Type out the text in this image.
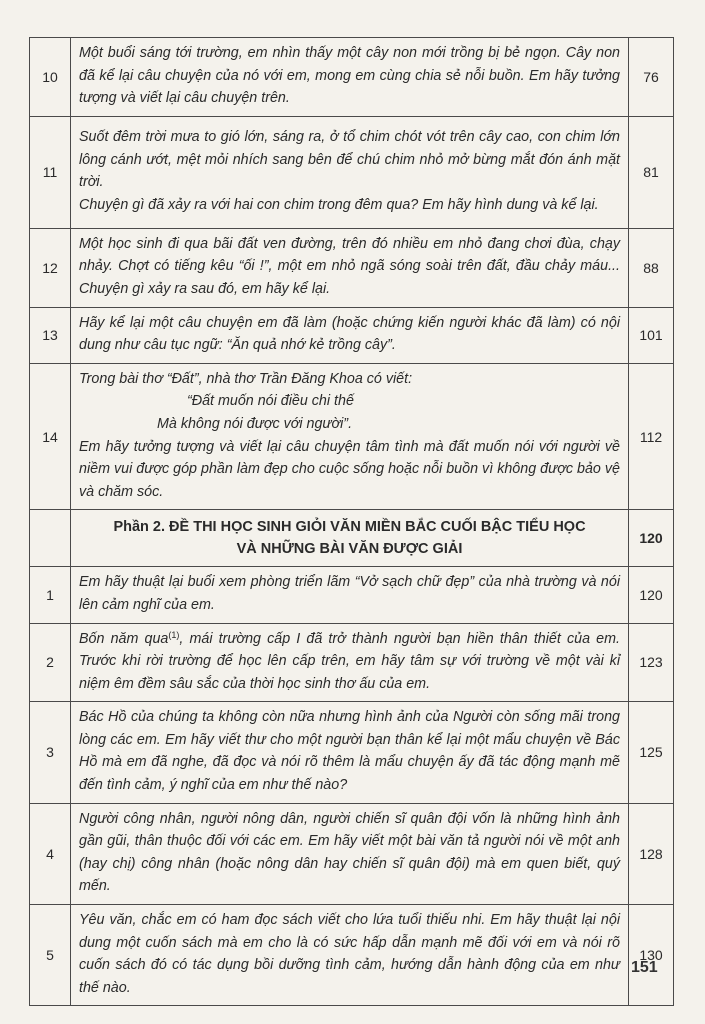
10	Một buổi sáng tới trường, em nhìn thấy một cây non mới trồng bị bẻ ngọn. Cây non đã kể lại câu chuyện của nó với em, mong em cùng chia sẻ nỗi buồn. Em hãy tưởng tượng và viết lại câu chuyện trên.	76
11	Suốt đêm trời mưa to gió lớn, sáng ra, ở tổ chim chót vót trên cây cao, con chim lớn lông cánh ướt, mệt mỏi nhích sang bên để chú chim nhỏ mở bừng mắt đón ánh mặt trời.
Chuyện gì đã xảy ra với hai con chim trong đêm qua? Em hãy hình dung và kể lại.	81
12	Một học sinh đi qua bãi đất ven đường, trên đó nhiều em nhỏ đang chơi đùa, chạy nhảy. Chợt có tiếng kêu “ối !”, một em nhỏ ngã sóng soài trên đất, đầu chảy máu... Chuyện gì xảy ra sau đó, em hãy kể lại.	88
13	Hãy kể lại một câu chuyện em đã làm (hoặc chứng kiến người khác đã làm) có nội dung như câu tục ngữ: “Ăn quả nhớ kẻ trồng cây”.	101
14	Trong bài thơ “Đất”, nhà thơ Trần Đăng Khoa có viết:
“Đất muốn nói điều chi thế
Mà không nói được với người”.
Em hãy tưởng tượng và viết lại câu chuyện tâm tình mà đất muốn nói với người về niềm vui được góp phần làm đẹp cho cuộc sống hoặc nỗi buồn vì không được bảo vệ và chăm sóc.	112

	Phần 2. ĐỀ THI HỌC SINH GIỎI VĂN MIỀN BẮC CUỐI BẬC TIỂU HỌC
VÀ NHỮNG BÀI VĂN ĐƯỢC GIẢI	120
1	Em hãy thuật lại buổi xem phòng triển lãm “Vở sạch chữ đẹp” của nhà trường và nói lên cảm nghĩ của em.	120
2	Bốn năm qua$^{(1)}$, mái trường cấp I đã trở thành người bạn hiền thân thiết của em. Trước khi rời trường để học lên cấp trên, em hãy tâm sự với trường về một vài kỉ niệm êm đềm sâu sắc của thời học sinh thơ ấu của em.	123
3	Bác Hồ của chúng ta không còn nữa nhưng hình ảnh của Người còn sống mãi trong lòng các em. Em hãy viết thư cho một người bạn thân kể lại một mẩu chuyện về Bác Hồ mà em đã nghe, đã đọc và nói rõ thêm là mẩu chuyện ấy đã tác động mạnh mẽ đến tình cảm, ý nghĩ của em như thế nào?	125
4	Người công nhân, người nông dân, người chiến sĩ quân đội vốn là những hình ảnh gần gũi, thân thuộc đối với các em. Em hãy viết một bài văn tả người nói về một anh (hay chị) công nhân (hoặc nông dân hay chiến sĩ quân đội) mà em quen biết, quý mến.	128
5	Yêu văn, chắc em có ham đọc sách viết cho lứa tuổi thiếu nhi. Em hãy thuật lại nội dung một cuốn sách mà em cho là có sức hấp dẫn mạnh mẽ đối với em và nói rõ cuốn sách đó có tác dụng bồi dưỡng tình cảm, hướng dẫn hành động của em như thế nào.	130
151
